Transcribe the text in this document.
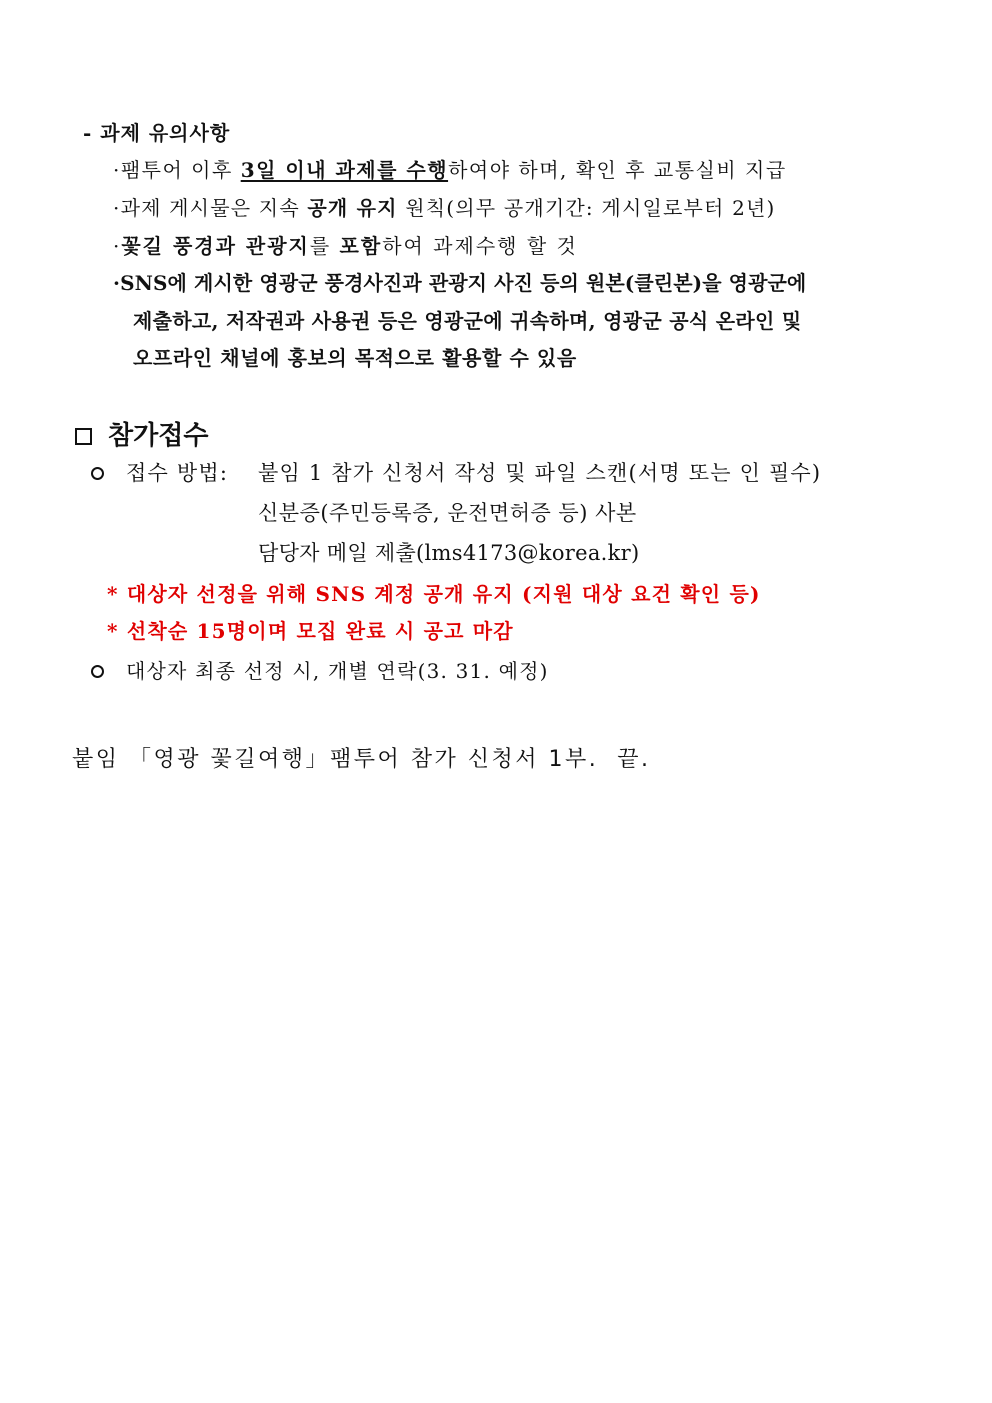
- 과제 유의사항
·팸투어 이후 3일 이내 과제를 수행하여야 하며, 확인 후 교통실비 지급
·과제 게시물은 지속 공개 유지 원칙(의무 공개기간: 게시일로부터 2년)
·꽃길 풍경과 관광지를 포함하여 과제수행 할 것
·SNS에 게시한 영광군 풍경사진과 관광지 사진 등의 원본(클린본)을 영광군에
제출하고, 저작권과 사용권 등은 영광군에 귀속하며, 영광군 공식 온라인 및
오프라인 채널에 홍보의 목적으로 활용할 수 있음
참가접수
접수 방법: 붙임 1 참가 신청서 작성 및 파일 스캔(서명 또는 인 필수)
신분증(주민등록증, 운전면허증 등) 사본
담당자 메일 제출(lms4173@korea.kr)
* 대상자 선정을 위해 SNS 계정 공개 유지 (지원 대상 요건 확인 등)
* 선착순 15명이며 모집 완료 시 공고 마감
대상자 최종 선정 시, 개별 연락(3. 31. 예정)
붙임 「영광 꽃길여행」팸투어 참가 신청서 1부.  끝.
